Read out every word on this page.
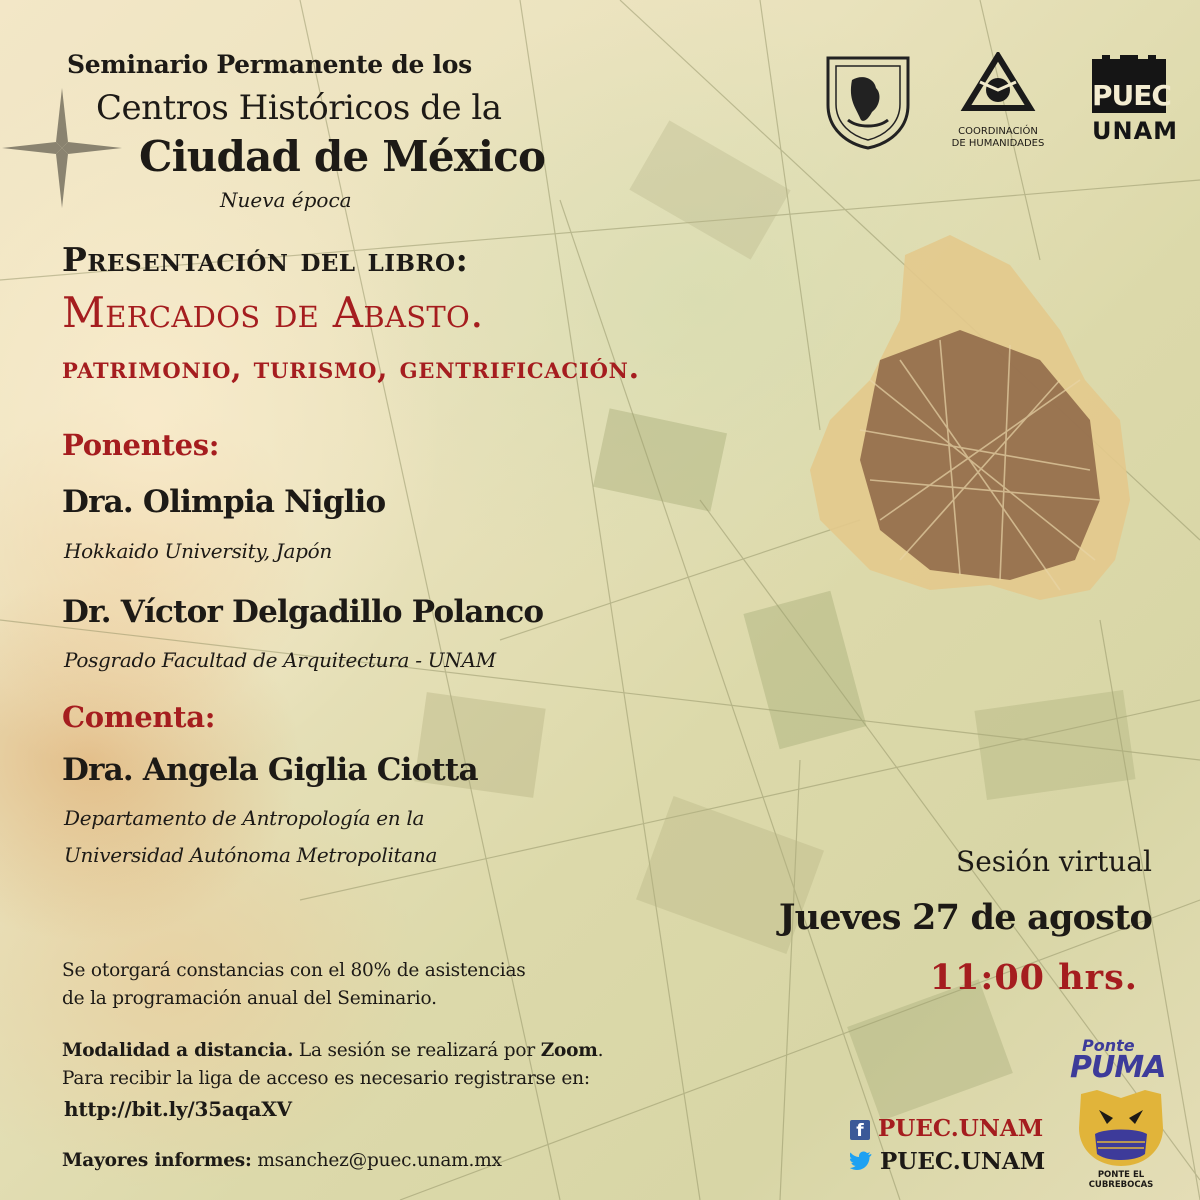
Seminario Permanente de los
Centros Históricos de la
Ciudad de México
Nueva época
COORDINACIÓN
DE HUMANIDADES
PUEC
UNAM
Presentación del libro:
Mercados de Abasto.
patrimonio, turismo, gentrificación.
Ponentes:
Dra. Olimpia Niglio
Hokkaido University, Japón
Dr. Víctor Delgadillo Polanco
Posgrado Facultad de Arquitectura - UNAM
Comenta:
Dra. Angela Giglia Ciotta
Departamento de Antropología en la
Universidad Autónoma Metropolitana	Sesión virtual
Jueves 27 de agosto
11:00 hrs.
Se otorgará constancias con el 80% de asistencias
de la programación anual del Seminario.
Modalidad a distancia. La sesión se realizará por Zoom.
Para recibir la liga de acceso es necesario registrarse en:
http://bit.ly/35aqaXV
Mayores informes: msanchez@puec.unam.mx
f PUEC.UNAM
PUEC.UNAM
Ponte
PUMA
PONTE EL CUBREBOCAS
